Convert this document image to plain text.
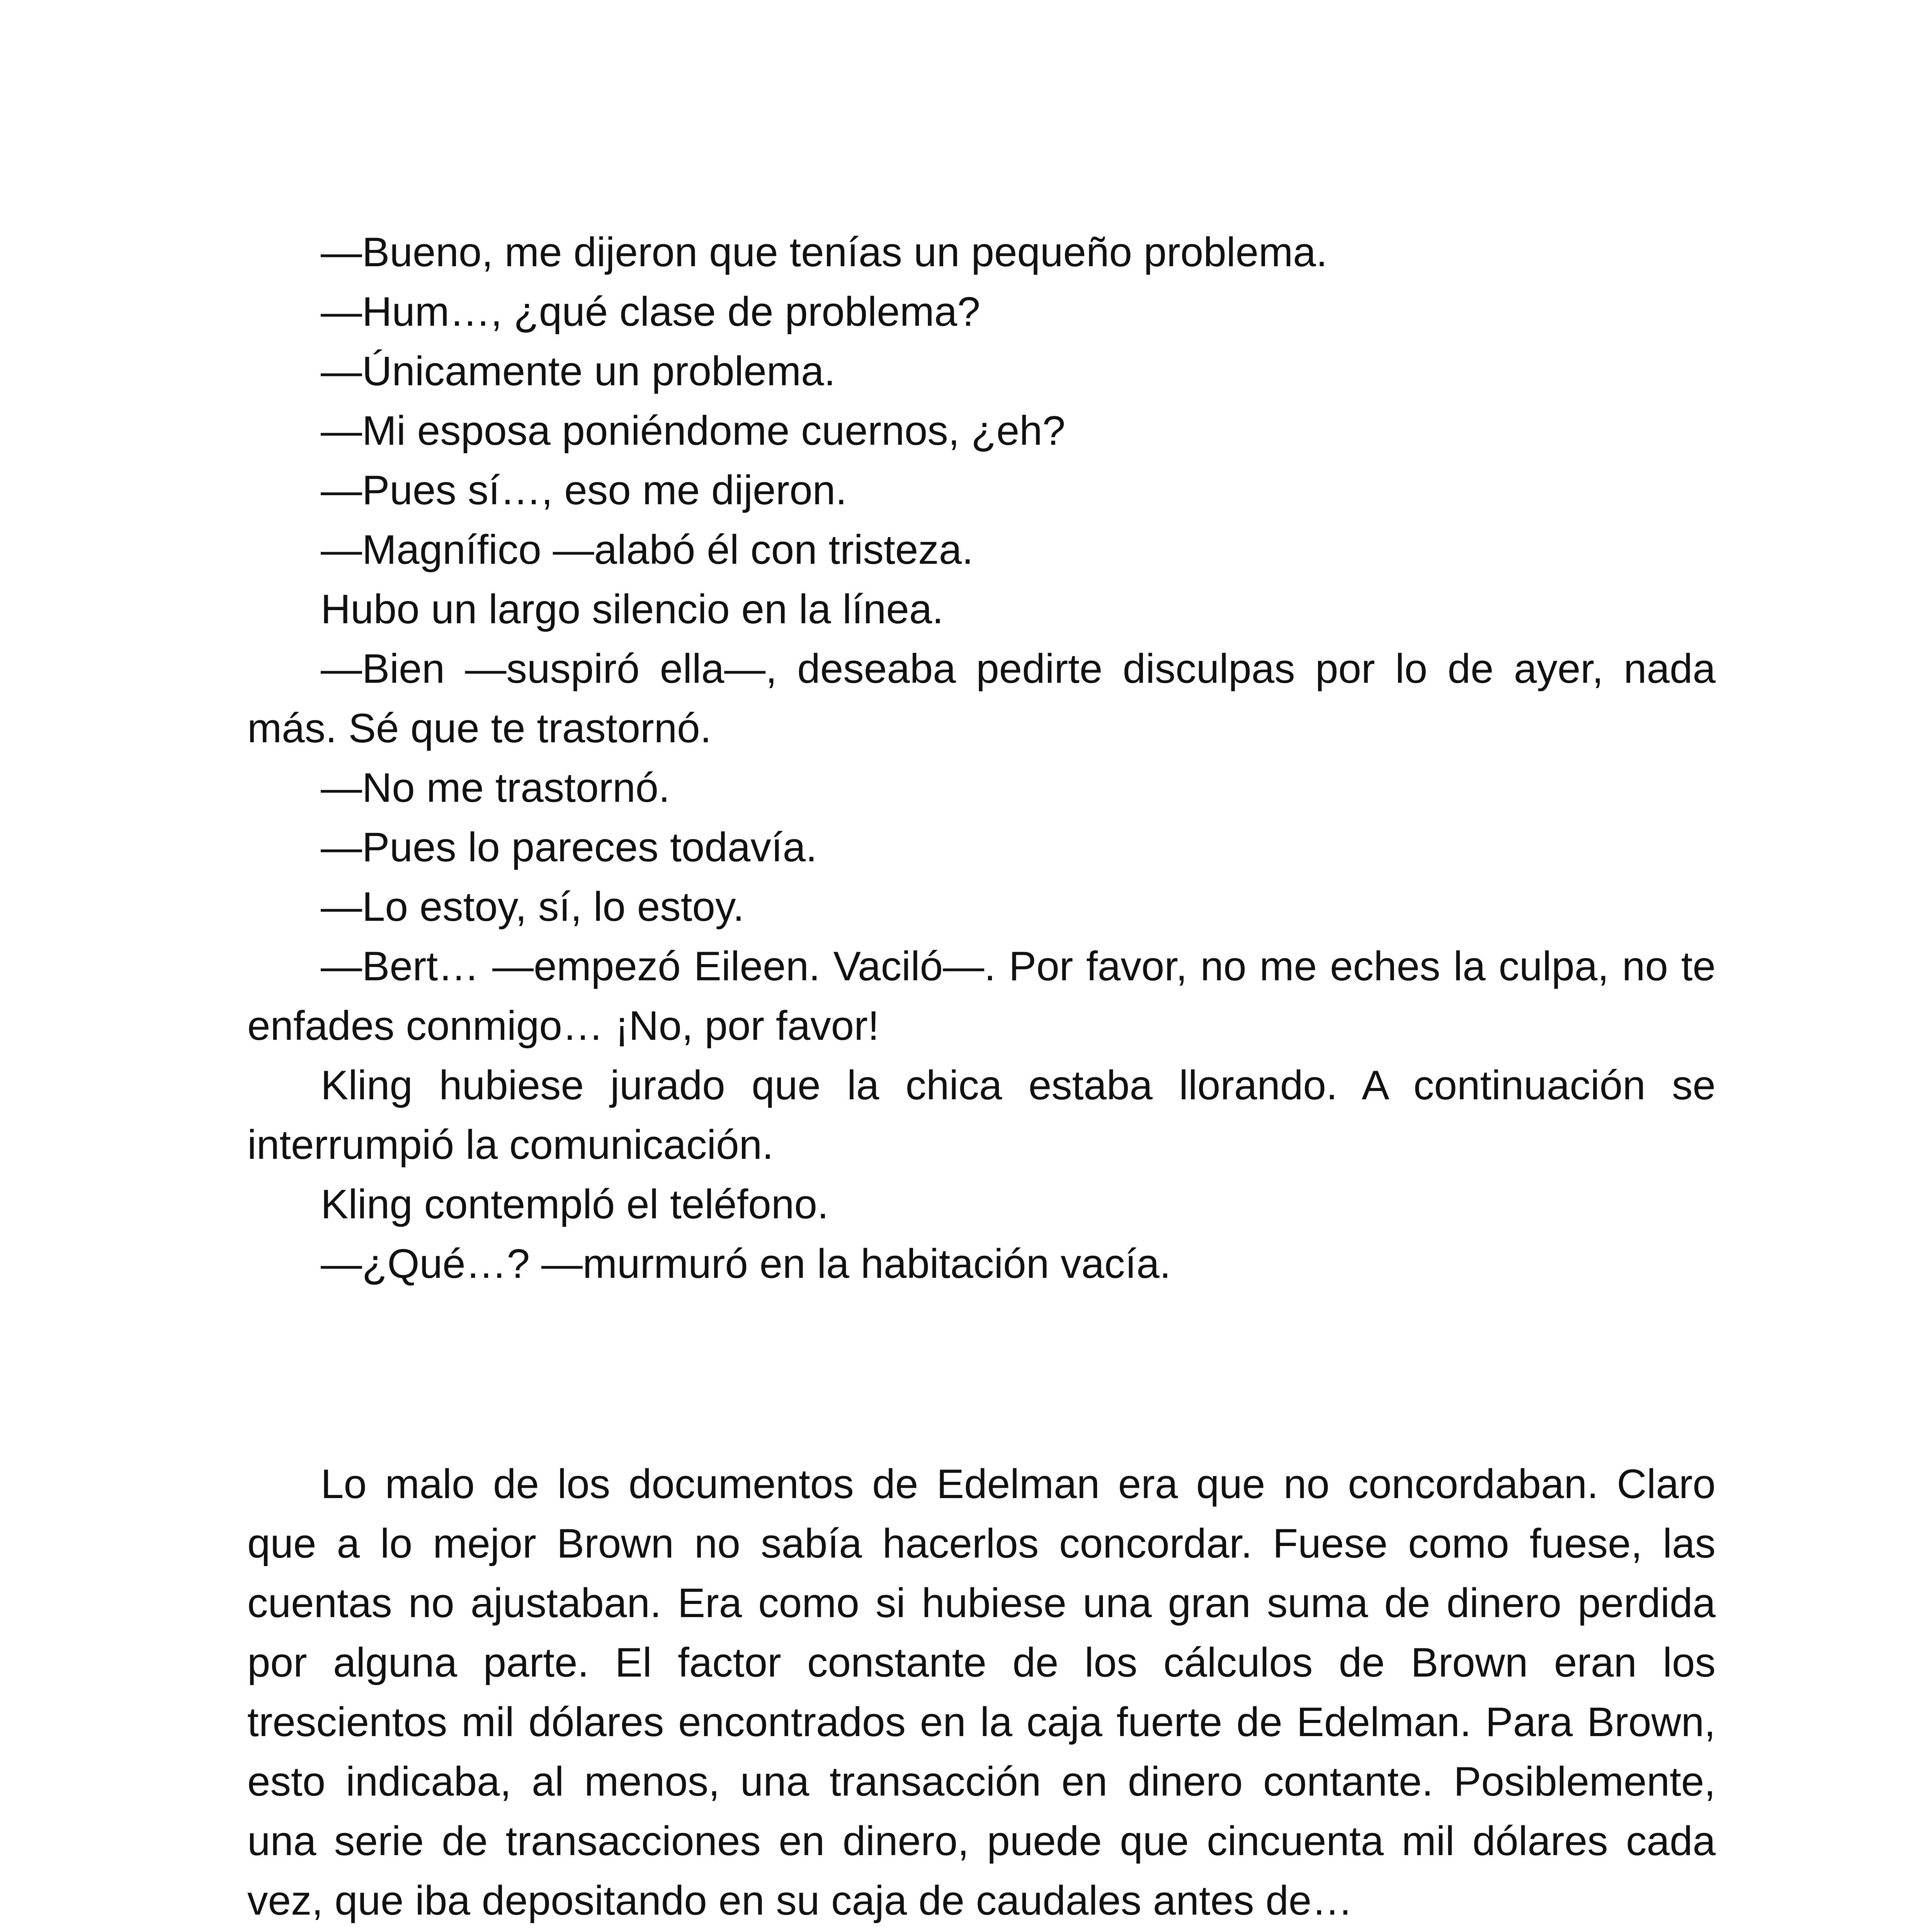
—Bueno, me dijeron que tenías un pequeño problema.

—Hum…, ¿qué clase de problema?

—Únicamente un problema.

—Mi esposa poniéndome cuernos, ¿eh?

—Pues sí…, eso me dijeron.

—Magnífico —alabó él con tristeza.

Hubo un largo silencio en la línea.

—Bien —suspiró ella—, deseaba pedirte disculpas por lo de ayer, nada más. Sé que te trastornó.

—No me trastornó.

—Pues lo pareces todavía.

—Lo estoy, sí, lo estoy.

—Bert… —empezó Eileen. Vaciló—. Por favor, no me eches la culpa, no te enfades conmigo… ¡No, por favor!

Kling hubiese jurado que la chica estaba llorando. A continuación se interrumpió la comunicación.

Kling contempló el teléfono.

—¿Qué…? —murmuró en la habitación vacía.

Lo malo de los documentos de Edelman era que no concordaban. Claro que a lo mejor Brown no sabía hacerlos concordar. Fuese como fuese, las cuentas no ajustaban. Era como si hubiese una gran suma de dinero perdida por alguna parte. El factor constante de los cálculos de Brown eran los trescientos mil dólares encontrados en la caja fuerte de Edelman. Para Brown, esto indicaba, al menos, una transacción en dinero contante. Posiblemente, una serie de transacciones en dinero, puede que cincuenta mil dólares cada vez, que iba depositando en su caja de caudales antes de…
